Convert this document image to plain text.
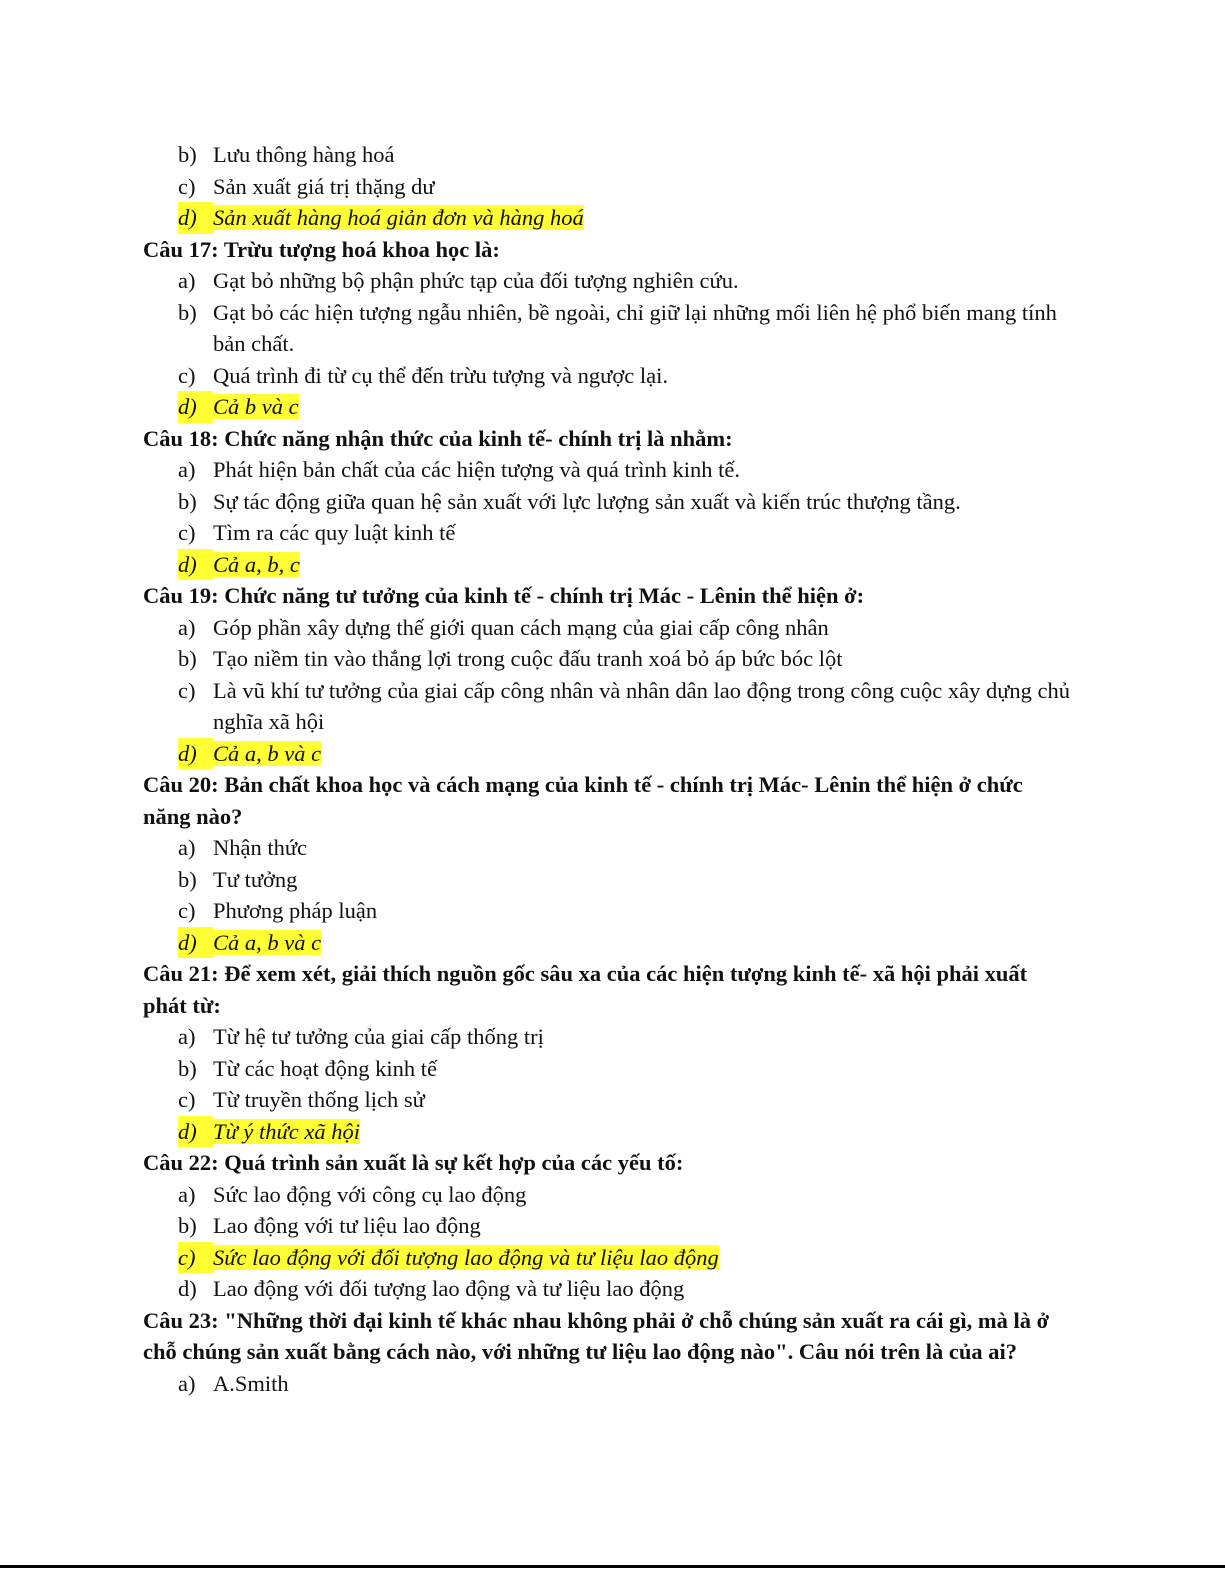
b) Lưu thông hàng hoá
c) Sản xuất giá trị thặng dư
d) Sản xuất hàng hoá giản đơn và hàng hoá
Câu 17: Trừu tượng hoá khoa học là:
a) Gạt bỏ những bộ phận phức tạp của đối tượng nghiên cứu.
b) Gạt bỏ các hiện tượng ngẫu nhiên, bề ngoài, chỉ giữ lại những mối liên hệ phổ biến mang tính bản chất.
c) Quá trình đi từ cụ thể đến trừu tượng và ngược lại.
d) Cả b và c
Câu 18: Chức năng nhận thức của kinh tế- chính trị là nhằm:
a) Phát hiện bản chất của các hiện tượng và quá trình kinh tế.
b) Sự tác động giữa quan hệ sản xuất với lực lượng sản xuất và kiến trúc thượng tầng.
c) Tìm ra các quy luật kinh tế
d) Cả a, b, c
Câu 19: Chức năng tư tưởng của kinh tế - chính trị Mác - Lênin thể hiện ở:
a) Góp phần xây dựng thế giới quan cách mạng của giai cấp công nhân
b) Tạo niềm tin vào thắng lợi trong cuộc đấu tranh xoá bỏ áp bức bóc lột
c) Là vũ khí tư tưởng của giai cấp công nhân và nhân dân lao động trong công cuộc xây dựng chủ nghĩa xã hội
d) Cả a, b và c
Câu 20: Bản chất khoa học và cách mạng của kinh tế - chính trị Mác- Lênin thể hiện ở chức năng nào?
a) Nhận thức
b) Tư tưởng
c) Phương pháp luận
d) Cả a, b và c
Câu 21: Để xem xét, giải thích nguồn gốc sâu xa của các hiện tượng kinh tế- xã hội phải xuất phát từ:
a) Từ hệ tư tưởng của giai cấp thống trị
b) Từ các hoạt động kinh tế
c) Từ truyền thống lịch sử
d) Từ ý thức xã hội
Câu 22: Quá trình sản xuất là sự kết hợp của các yếu tố:
a) Sức lao động với công cụ lao động
b) Lao động với tư liệu lao động
c) Sức lao động với đối tượng lao động và tư liệu lao động
d) Lao động với đối tượng lao động và tư liệu lao động
Câu 23: "Những thời đại kinh tế khác nhau không phải ở chỗ chúng sản xuất ra cái gì, mà là ở chỗ chúng sản xuất bằng cách nào, với những tư liệu lao động nào". Câu nói trên là của ai?
a) A.Smith
